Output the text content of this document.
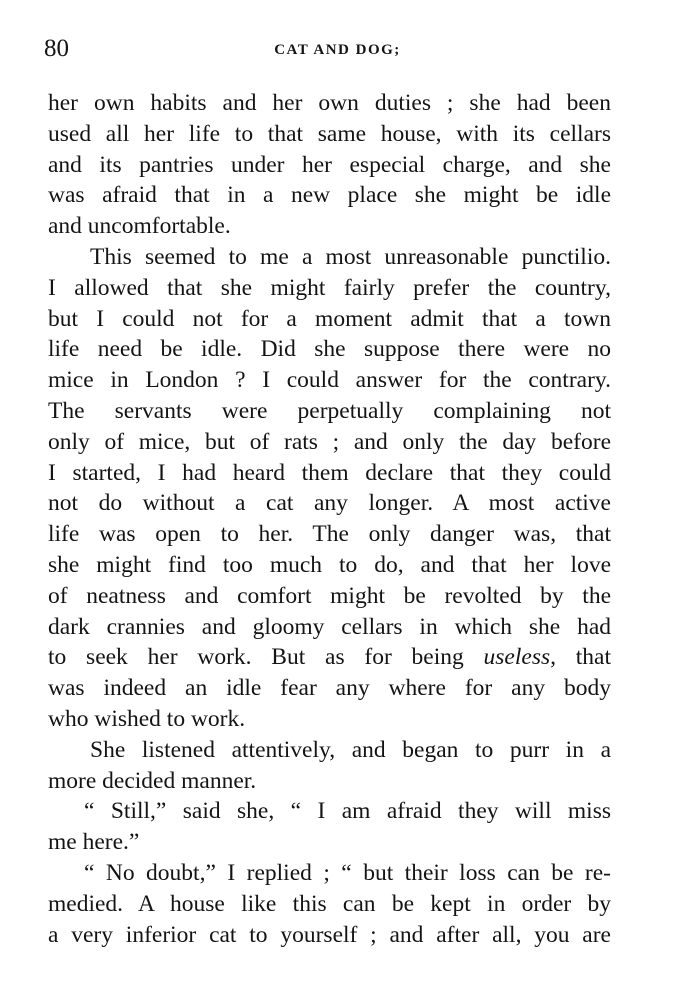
80	CAT AND DOG;
her own habits and her own duties ; she had been
used all her life to that same house, with its cellars
and its pantries under her especial charge, and she
was afraid that in a new place she might be idle
and uncomfortable.
This seemed to me a most unreasonable punctilio.
I allowed that she might fairly prefer the country,
but I could not for a moment admit that a town
life need be idle. Did she suppose there were no
mice in London ? I could answer for the contrary.
The servants were perpetually complaining not
only of mice, but of rats ; and only the day before
I started, I had heard them declare that they could
not do without a cat any longer. A most active
life was open to her. The only danger was, that
she might find too much to do, and that her love
of neatness and comfort might be revolted by the
dark crannies and gloomy cellars in which she had
to seek her work. But as for being useless, that
was indeed an idle fear any where for any body
who wished to work.
She listened attentively, and began to purr in a
more decided manner.
“ Still,” said she, “ I am afraid they will miss
me here.”
“ No doubt,” I replied ; “ but their loss can be re-
medied. A house like this can be kept in order by
a very inferior cat to yourself ; and after all, you are
